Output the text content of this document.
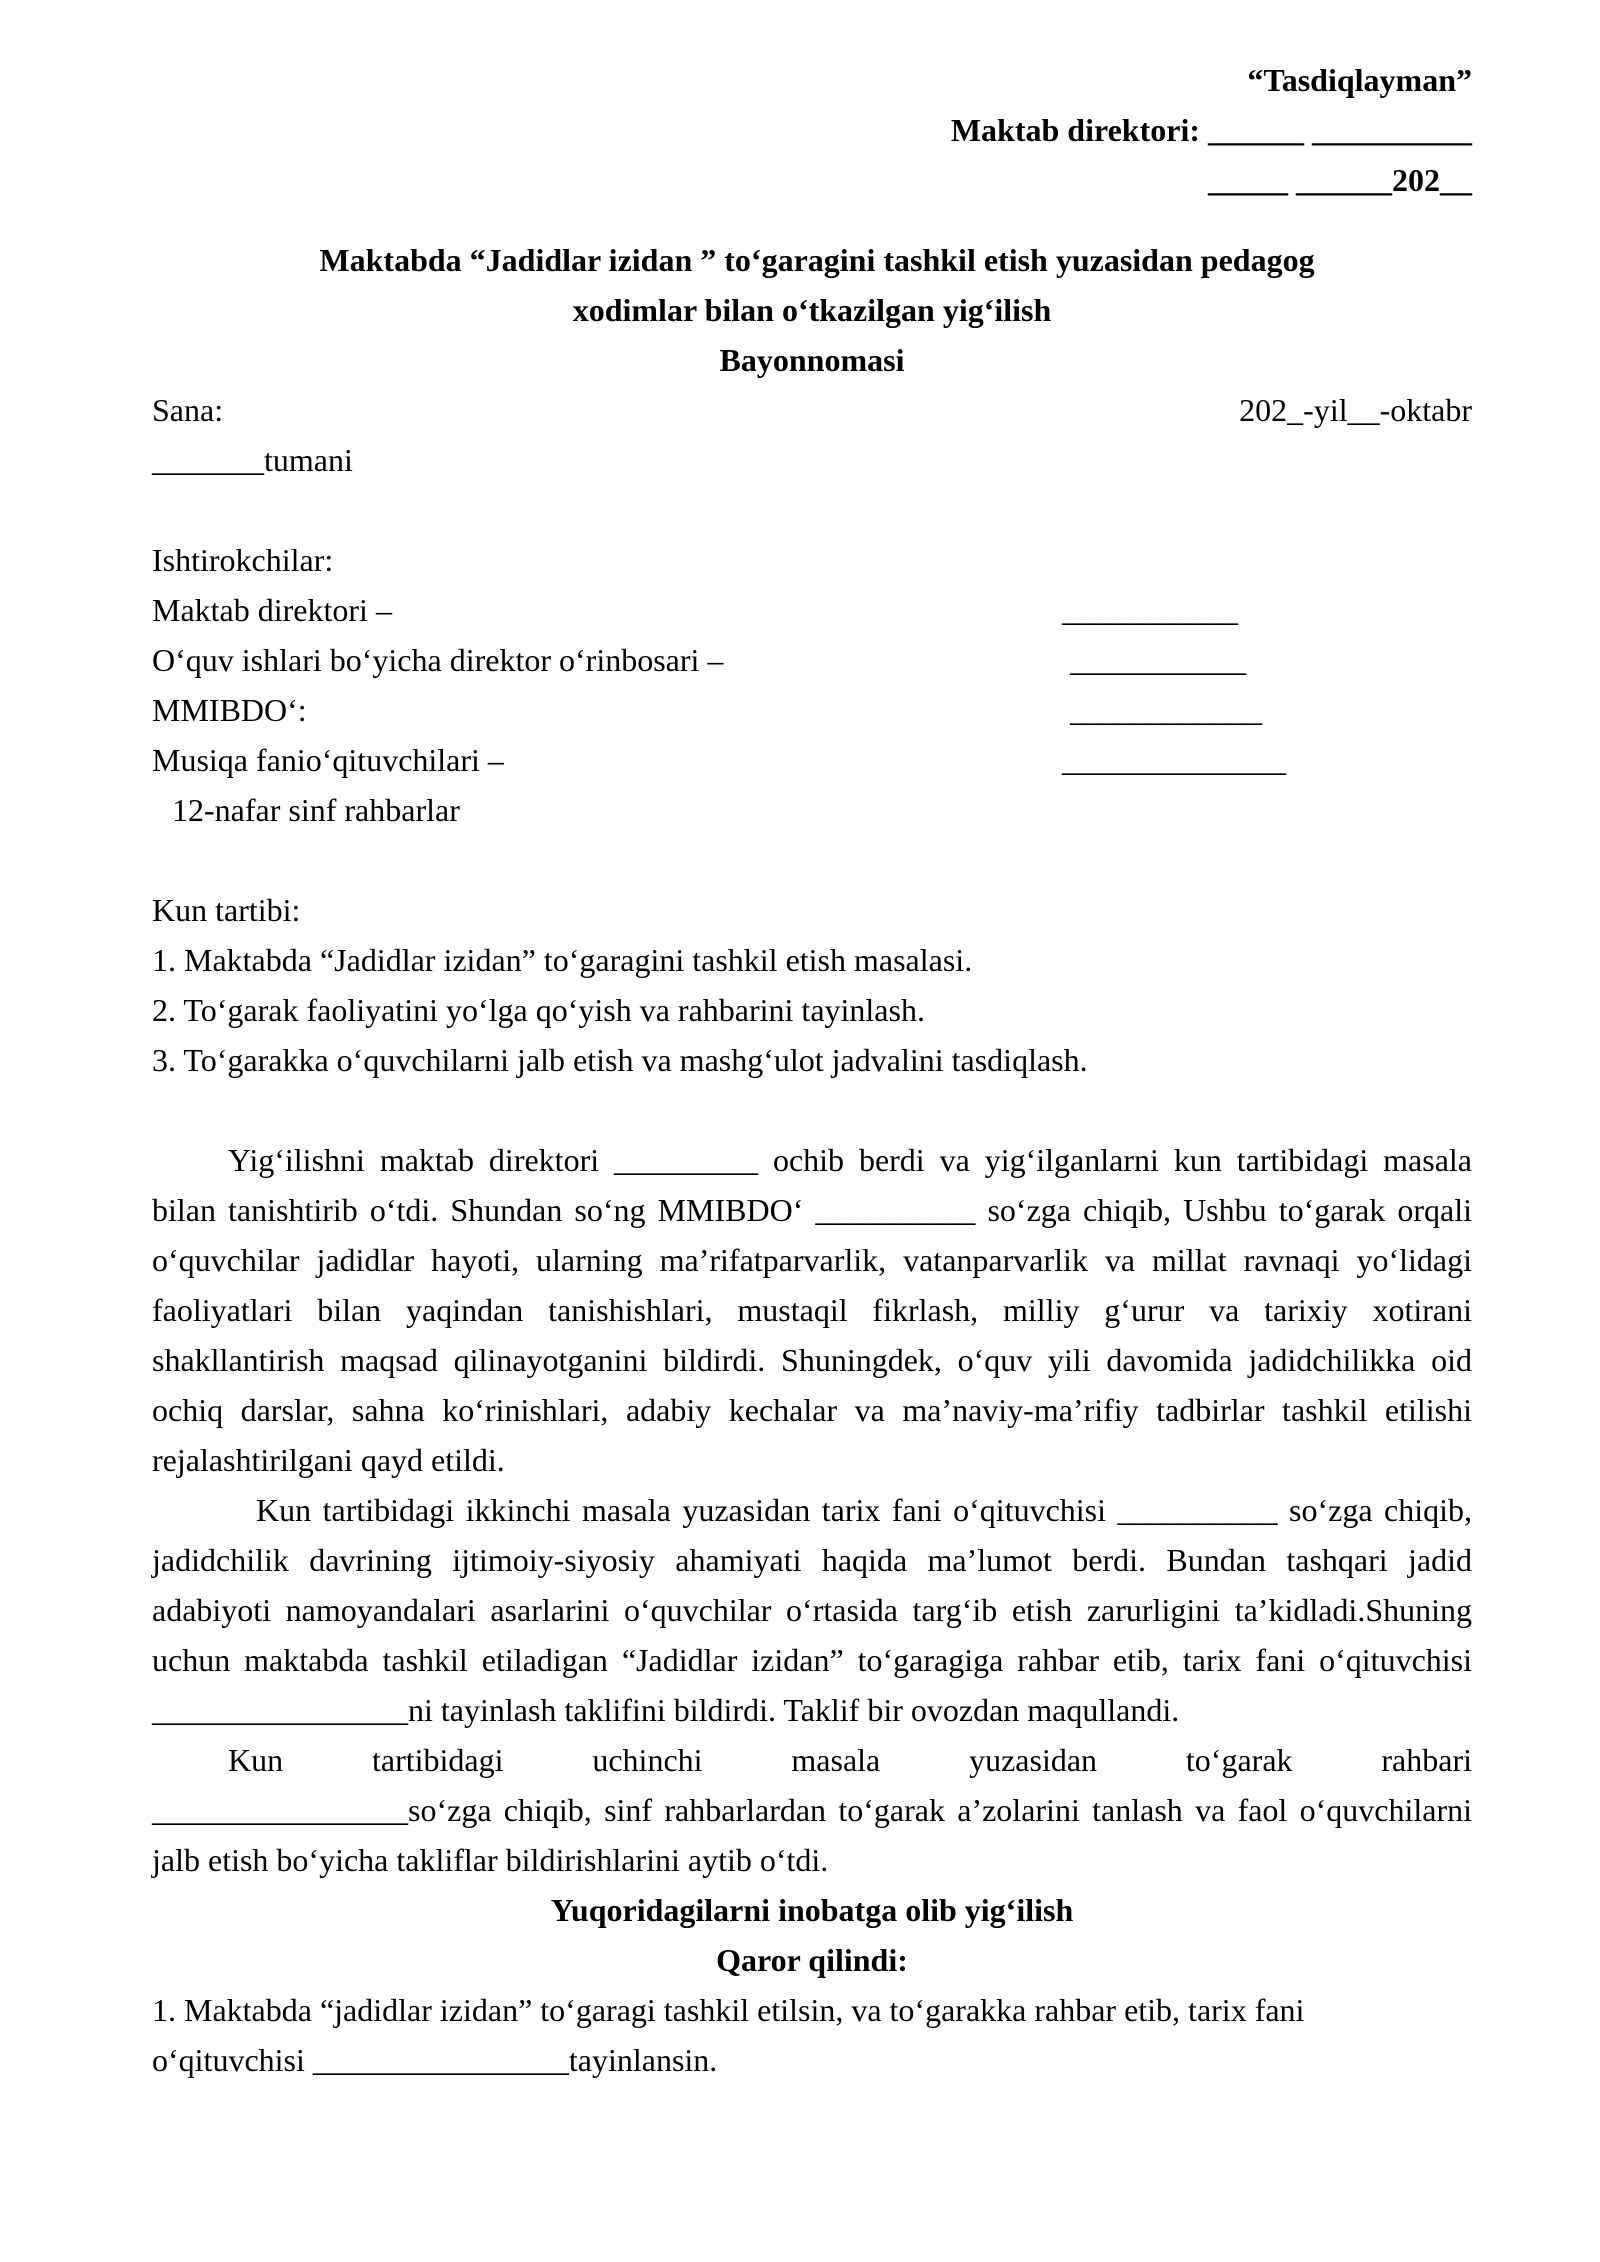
“Tasdiqlayman”
Maktab direktori: ______ __________
_____ ______202__
Maktabda “Jadidlar izidan ” to‘garagini tashkil etish yuzasidan pedagog
xodimlar bilan o‘tkazilgan yig‘ilish
Bayonnomasi
Sana:	202_-yil__-oktabr
_______tumani
Ishtirokchilar:
Maktab direktori –	___________
O‘quv ishlari bo‘yicha direktor o‘rinbosari –	___________
MMIBDO‘:	____________
Musiqa fanio‘qituvchilari –	______________
12-nafar sinf rahbarlar
Kun tartibi:
1. Maktabda “Jadidlar izidan” to‘garagini tashkil etish masalasi.
2. To‘garak faoliyatini yo‘lga qo‘yish va rahbarini tayinlash.
3. To‘garakka o‘quvchilarni jalb etish va mashg‘ulot jadvalini tasdiqlash.
Yig‘ilishni maktab direktori _________ ochib berdi va yig‘ilganlarni kun tartibidagi masala bilan tanishtirib o‘tdi. Shundan so‘ng MMIBDO‘ __________ so‘zga chiqib, Ushbu to‘garak orqali o‘quvchilar jadidlar hayoti, ularning ma’rifatparvarlik, vatanparvarlik va millat ravnaqi yo‘lidagi faoliyatlari bilan yaqindan tanishishlari, mustaqil fikrlash, milliy g‘urur va tarixiy xotirani shakllantirish maqsad qilinayotganini bildirdi. Shuningdek, o‘quv yili davomida jadidchilikka oid ochiq darslar, sahna ko‘rinishlari, adabiy kechalar va ma’naviy-ma’rifiy tadbirlar tashkil etilishi rejalashtirilgani qayd etildi.
Kun tartibidagi ikkinchi masala yuzasidan tarix fani o‘qituvchisi __________ so‘zga chiqib, jadidchilik davrining ijtimoiy-siyosiy ahamiyati haqida ma’lumot berdi. Bundan tashqari jadid adabiyoti namoyandalari asarlarini o‘quvchilar o‘rtasida targ‘ib etish zarurligini ta’kidladi.Shuning uchun maktabda tashkil etiladigan “Jadidlar izidan” to‘garagiga rahbar etib, tarix fani o‘qituvchisi ________________ni tayinlash taklifini bildirdi. Taklif bir ovozdan maqullandi.
Kun tartibidagi uchinchi masala yuzasidan to‘garak rahbari
________________so‘zga chiqib, sinf rahbarlardan to‘garak a’zolarini tanlash va faol o‘quvchilarni jalb etish bo‘yicha takliflar bildirishlarini aytib o‘tdi.
Yuqoridagilarni inobatga olib yig‘ilish
Qaror qilindi:
1. Maktabda “jadidlar izidan” to‘garagi tashkil etilsin, va to‘garakka rahbar etib, tarix fani o‘qituvchisi ________________tayinlansin.
